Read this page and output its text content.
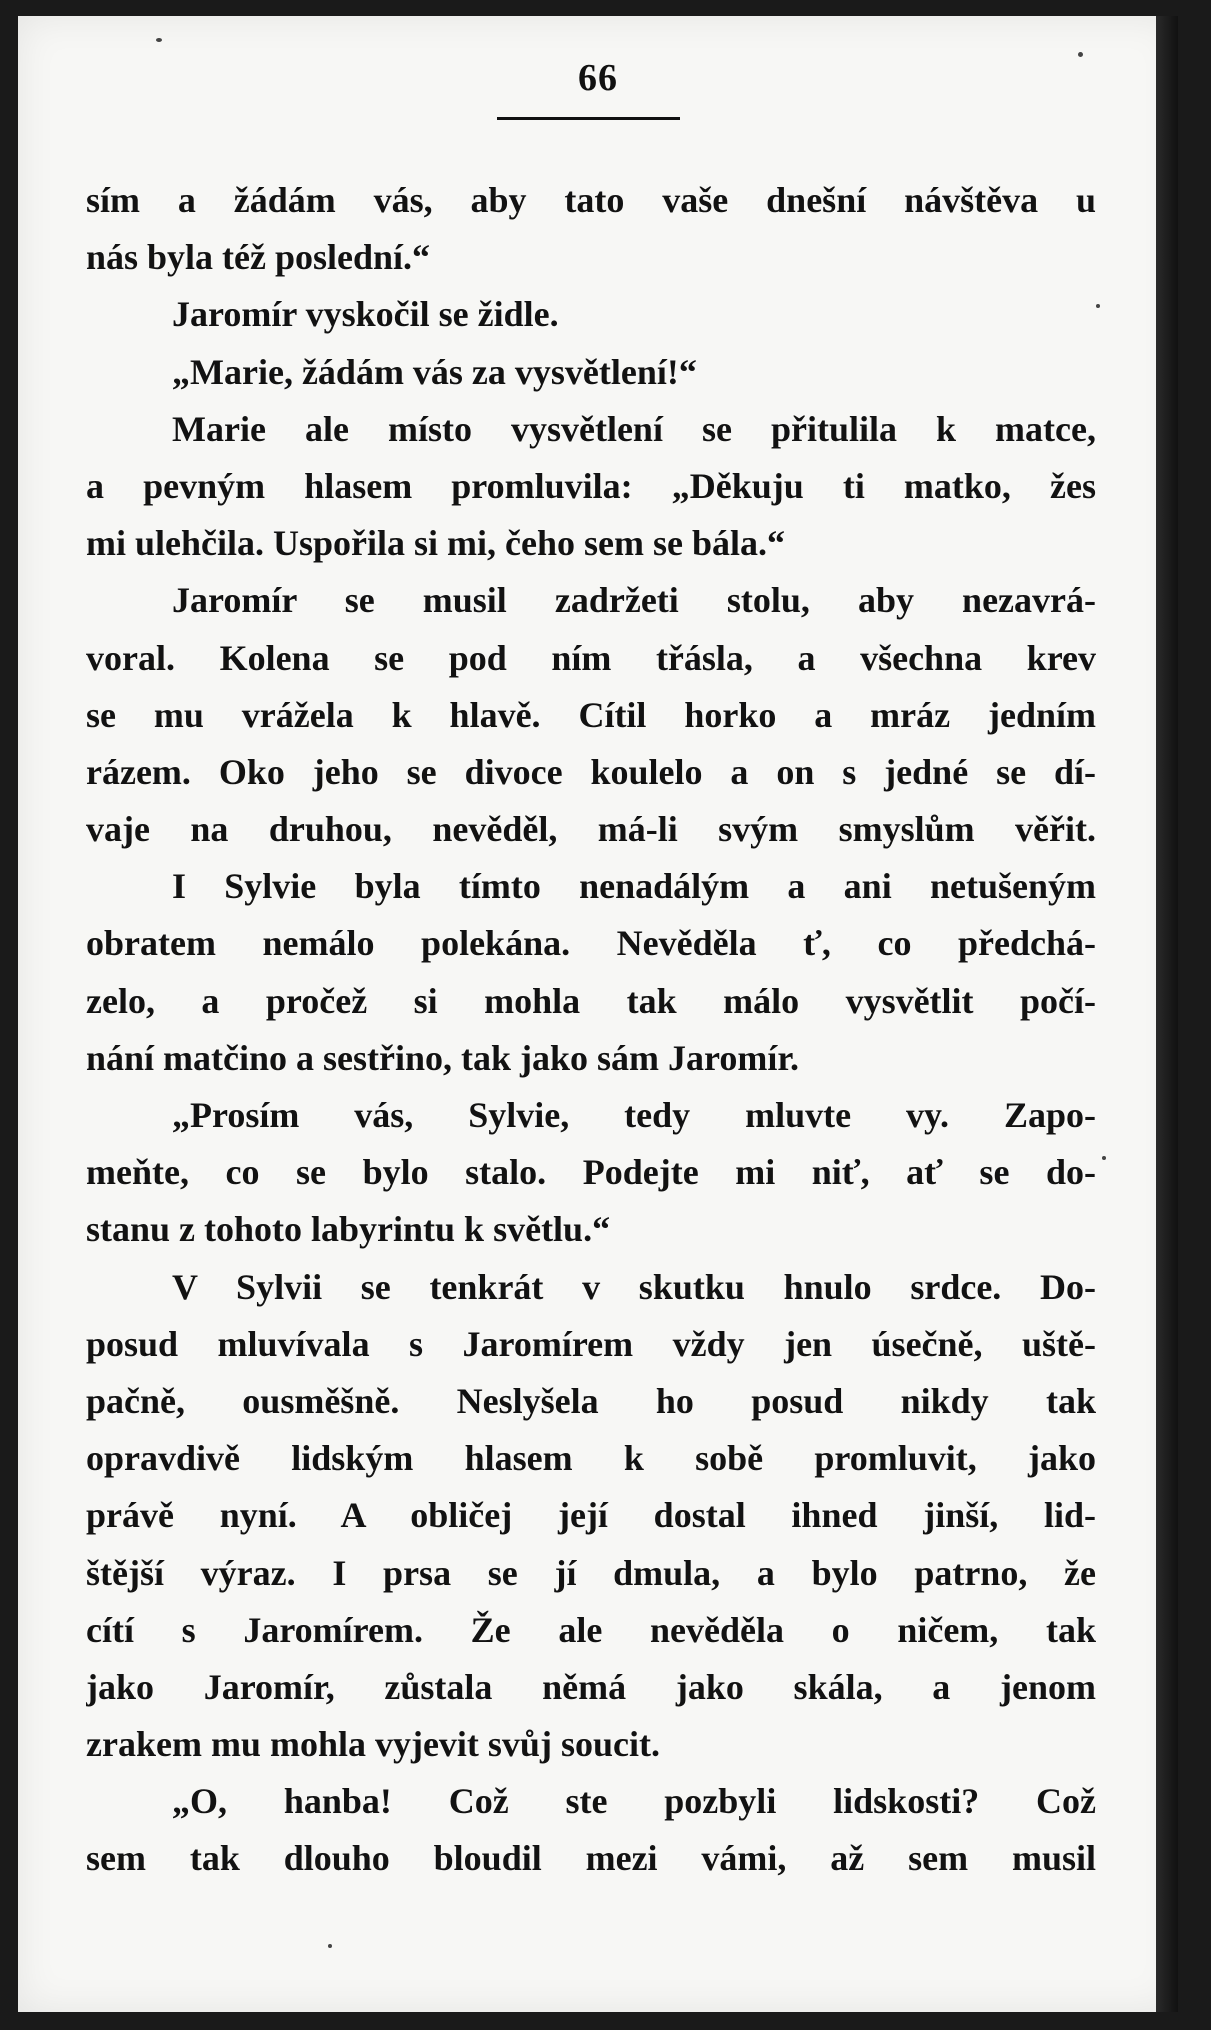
66
sím a žádám vás, aby tato vaše dnešní návštěva u
nás byla též poslední.“
Jaromír vyskočil se židle.
„Marie, žádám vás za vysvětlení!“
Marie ale místo vysvětlení se přitulila k matce,
a pevným hlasem promluvila: „Děkuju ti matko, žes
mi ulehčila. Uspořila si mi, čeho sem se bála.“
Jaromír se musil zadržeti stolu, aby nezavrá-
voral. Kolena se pod ním třásla, a všechna krev
se mu vrážela k hlavě. Cítil horko a mráz jedním
rázem. Oko jeho se divoce koulelo a on s jedné se dí-
vaje na druhou, nevěděl, má-li svým smyslům věřit.
I Sylvie byla tímto nenadálým a ani netušeným
obratem nemálo polekána. Nevěděla ť, co předchá-
zelo, a pročež si mohla tak málo vysvětlit počí-
nání matčino a sestřino, tak jako sám Jaromír.
„Prosím vás, Sylvie, tedy mluvte vy. Zapo-
meňte, co se bylo stalo. Podejte mi niť, ať se do-
stanu z tohoto labyrintu k světlu.“
V Sylvii se tenkrát v skutku hnulo srdce. Do-
posud mluvívala s Jaromírem vždy jen úsečně, uště-
pačně, ousměšně. Neslyšela ho posud nikdy tak
opravdivě lidským hlasem k sobě promluvit, jako
právě nyní. A obličej její dostal ihned jinší, lid-
štější výraz. I prsa se jí dmula, a bylo patrno, že
cítí s Jaromírem. Že ale nevěděla o ničem, tak
jako Jaromír, zůstala němá jako skála, a jenom
zrakem mu mohla vyjevit svůj soucit.
„O, hanba! Což ste pozbyli lidskosti? Což
sem tak dlouho bloudil mezi vámi, až sem musil
